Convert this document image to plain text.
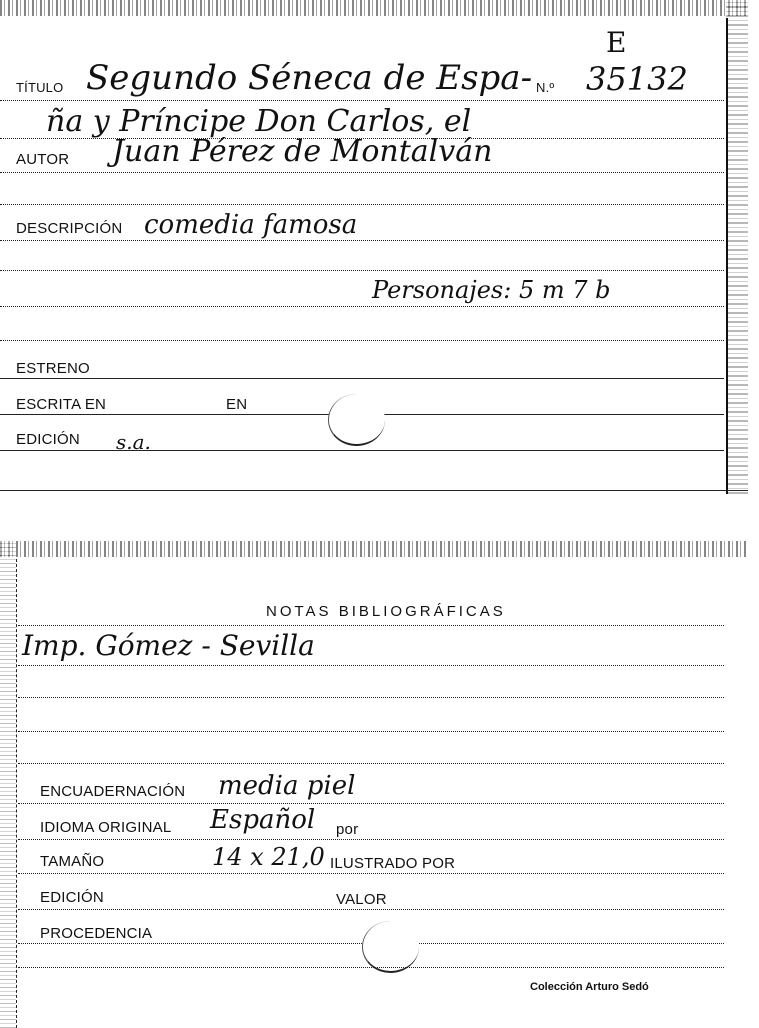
E
TÍTULO Segundo Séneca de Espa- N.º 35132
ña y Príncipe Don Carlos, el
AUTOR Juan Pérez de Montalván
DESCRIPCIÓN comedia famosa
Personajes: 5 m 7 b
ESTRENO
ESCRITA EN	EN
EDICIÓN s.a.
NOTAS BIBLIOGRÁFICAS
Imp. Gómez - Sevilla
ENCUADERNACIÓN media piel
IDIOMA ORIGINAL Español por
TAMAÑO	14 x 21,0 ILUSTRADO POR
EDICIÓN	VALOR
PROCEDENCIA
Colección Arturo Sedó
